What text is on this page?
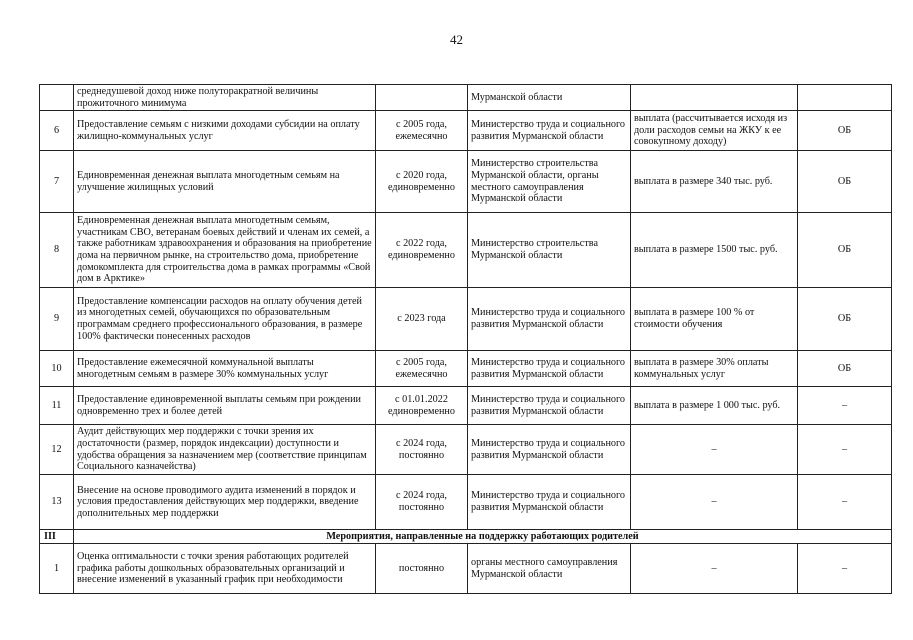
42
	среднедушевой доход ниже полуторакратной величины прожиточного минимума		Мурманской области		
6	Предоставление семьям с низкими доходами субсидии на оплату жилищно-коммунальных услуг	с 2005 года, ежемесячно	Министерство труда и социального развития Мурманской области	выплата (рассчитывается исходя из доли расходов семьи на ЖКУ к ее совокупному доходу)	ОБ
7	Единовременная денежная выплата многодетным семьям на улучшение жилищных условий	с 2020 года, единовременно	Министерство строительства Мурманской области, органы местного самоуправления Мурманской области	выплата в размере 340 тыс. руб.	ОБ
8	Единовременная денежная выплата многодетным семьям, участникам СВО, ветеранам боевых действий и членам их семей, а также работникам здравоохранения и образования на приобретение дома на первичном рынке, на строительство дома, приобретение домокомплекта для строительства дома в рамках программы «Свой дом в Арктике»	с 2022 года, единовременно	Министерство строительства Мурманской области	выплата в размере 1500 тыс. руб.	ОБ
9	Предоставление компенсации расходов на оплату обучения детей из многодетных семей, обучающихся по образовательным программам среднего профессионального образования, в размере 100% фактически понесенных расходов	с 2023 года	Министерство труда и социального развития Мурманской области	выплата в размере 100 % от стоимости обучения	ОБ
10	Предоставление ежемесячной коммунальной выплаты многодетным семьям в размере 30% коммунальных услуг	с 2005 года, ежемесячно	Министерство труда и социального развития Мурманской области	выплата в размере 30% оплаты коммунальных услуг	ОБ
11	Предоставление единовременной выплаты семьям при рождении одновременно трех и более детей	с 01.01.2022 единовременно	Министерство труда и социального развития Мурманской области	выплата в размере 1 000 тыс. руб.	–
12	Аудит действующих мер поддержки с точки зрения их достаточности (размер, порядок индексации) доступности и удобства обращения за назначением мер (соответствие принципам Социального казначейства)	с 2024 года, постоянно	Министерство труда и социального развития Мурманской области	–	–
13	Внесение на основе проводимого аудита изменений в порядок и условия предоставления действующих мер поддержки, введение дополнительных мер поддержки	с 2024 года, постоянно	Министерство труда и социального развития Мурманской области	–	–
III	Мероприятия, направленные на поддержку работающих родителей				
1	Оценка оптимальности с точки зрения работающих родителей графика работы дошкольных образовательных организаций и внесение изменений в указанный график при необходимости	постоянно	органы местного самоуправления Мурманской области	–	–
